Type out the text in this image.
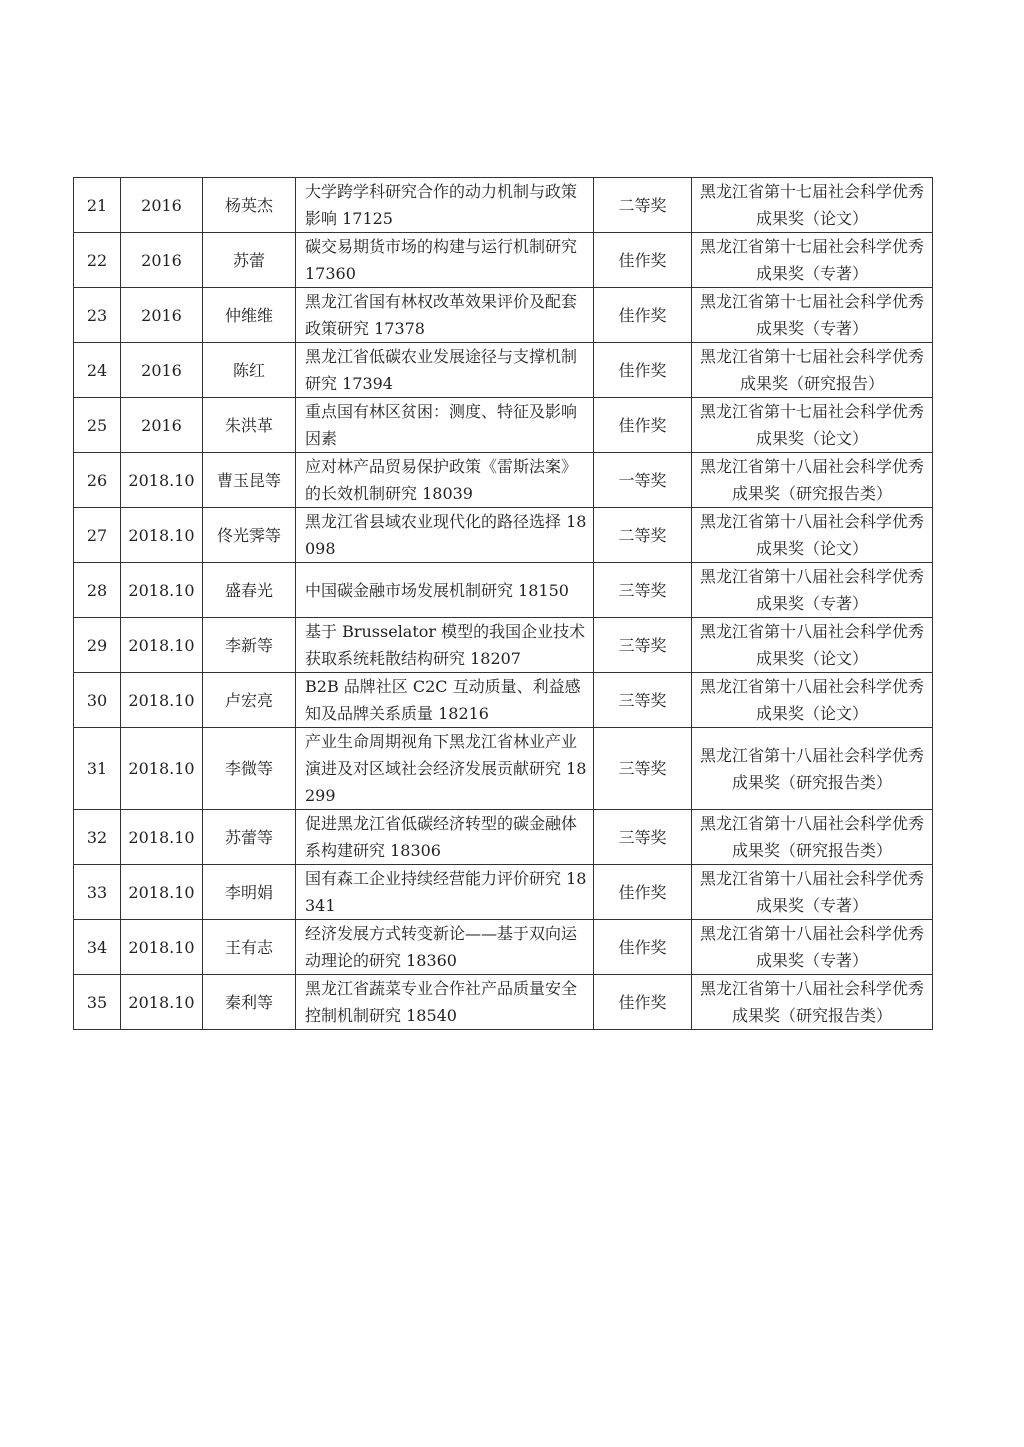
21	2016	杨英杰	大学跨学科研究合作的动力机制与政策影响 17125	二等奖	黑龙江省第十七届社会科学优秀成果奖（论文）
22	2016	苏蕾	碳交易期货市场的构建与运行机制研究 17360	佳作奖	黑龙江省第十七届社会科学优秀成果奖（专著）
23	2016	仲维维	黑龙江省国有林权改革效果评价及配套政策研究 17378	佳作奖	黑龙江省第十七届社会科学优秀成果奖（专著）
24	2016	陈红	黑龙江省低碳农业发展途径与支撑机制研究 17394	佳作奖	黑龙江省第十七届社会科学优秀成果奖（研究报告）
25	2016	朱洪革	重点国有林区贫困：测度、特征及影响因素	佳作奖	黑龙江省第十七届社会科学优秀成果奖（论文）
26	2018.10	曹玉昆等	应对林产品贸易保护政策《雷斯法案》的长效机制研究 18039	一等奖	黑龙江省第十八届社会科学优秀成果奖（研究报告类）
27	2018.10	佟光霁等	黑龙江省县域农业现代化的路径选择 18098	二等奖	黑龙江省第十八届社会科学优秀成果奖（论文）
28	2018.10	盛春光	中国碳金融市场发展机制研究 18150	三等奖	黑龙江省第十八届社会科学优秀成果奖（专著）
29	2018.10	李新等	基于 Brusselator 模型的我国企业技术获取系统耗散结构研究 18207	三等奖	黑龙江省第十八届社会科学优秀成果奖（论文）
30	2018.10	卢宏亮	B2B 品牌社区 C2C 互动质量、利益感知及品牌关系质量 18216	三等奖	黑龙江省第十八届社会科学优秀成果奖（论文）
31	2018.10	李微等	产业生命周期视角下黑龙江省林业产业演进及对区域社会经济发展贡献研究 18299	三等奖	黑龙江省第十八届社会科学优秀成果奖（研究报告类）
32	2018.10	苏蕾等	促进黑龙江省低碳经济转型的碳金融体系构建研究 18306	三等奖	黑龙江省第十八届社会科学优秀成果奖（研究报告类）
33	2018.10	李明娟	国有森工企业持续经营能力评价研究 18341	佳作奖	黑龙江省第十八届社会科学优秀成果奖（专著）
34	2018.10	王有志	经济发展方式转变新论——基于双向运动理论的研究 18360	佳作奖	黑龙江省第十八届社会科学优秀成果奖（专著）
35	2018.10	秦利等	黑龙江省蔬菜专业合作社产品质量安全控制机制研究 18540	佳作奖	黑龙江省第十八届社会科学优秀成果奖（研究报告类）
